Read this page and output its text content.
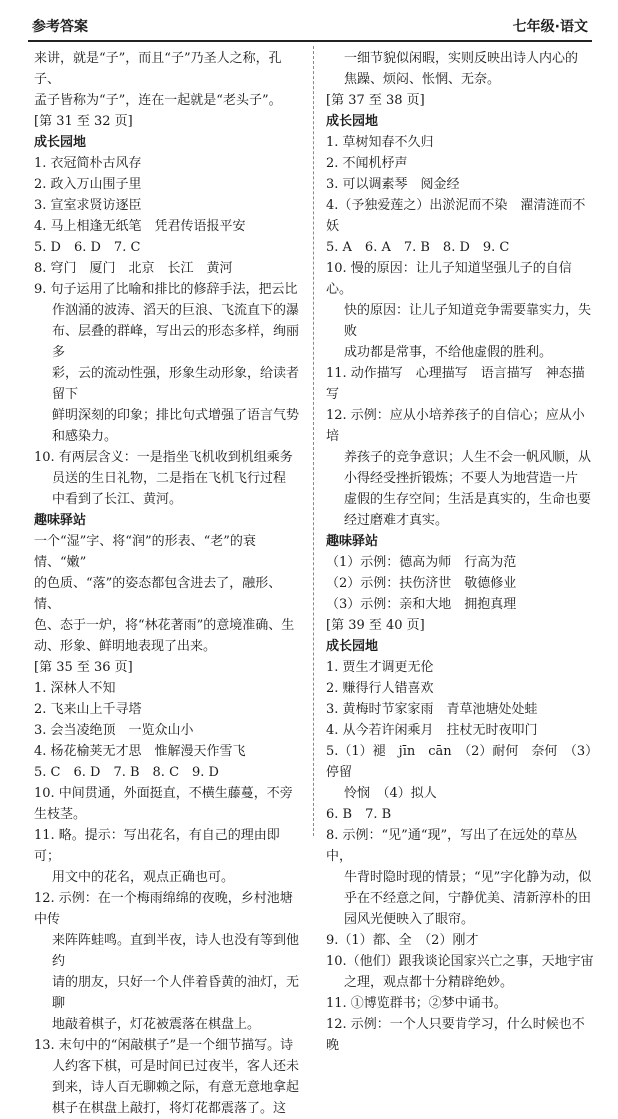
参考答案	七年级·语文
来讲，就是“子”，而且“子”乃圣人之称，孔子、
孟子皆称为“子”，连在一起就是“老头子”。
[第 31 至 32 页]
成长园地
1. 衣冠简朴古风存
2. 政入万山围子里
3. 宣室求贤访逐臣
4. 马上相逢无纸笔　凭君传语报平安
5. D　6. D　7. C
8. 穹门　厦门　北京　长江　黄河
9. 句子运用了比喻和排比的修辞手法，把云比
作汹涌的波涛、滔天的巨浪、飞流直下的瀑
布、层叠的群峰，写出云的形态多样，绚丽多
彩，云的流动性强，形象生动形象，给读者留下
鲜明深刻的印象；排比句式增强了语言气势
和感染力。
10. 有两层含义：一是指坐飞机收到机组乘务
员送的生日礼物，二是指在飞机飞行过程
中看到了长江、黄河。
趣味驿站
一个“湿”字、将“润”的形表、“老”的衰情、“嫩”
的色质、“落”的姿态都包含进去了，融形、情、
色、态于一炉，将“林花著雨”的意境准确、生
动、形象、鲜明地表现了出来。
[第 35 至 36 页]
1. 深林人不知
2. 飞来山上千寻塔
3. 会当凌绝顶　一览众山小
4. 杨花榆荚无才思　惟解漫天作雪飞
5. C　6. D　7. B　8. C　9. D
10. 中间贯通，外面挺直，不横生藤蔓，不旁生枝茎。
11. 略。提示：写出花名，有自己的理由即可；
用文中的花名，观点正确也可。
12. 示例：在一个梅雨绵绵的夜晚，乡村池塘中传
来阵阵蛙鸣。直到半夜，诗人也没有等到他约
请的朋友，只好一个人伴着昏黄的油灯，无聊
地敲着棋子，灯花被震落在棋盘上。
13. 末句中的“闲敲棋子”是一个细节描写。诗
人约客下棋，可是时间已过夜半，客人还未
到来，诗人百无聊赖之际，有意无意地拿起
棋子在棋盘上敲打，将灯花都震落了。这
一细节貌似闲暇，实则反映出诗人内心的
焦躁、烦闷、怅惘、无奈。
[第 37 至 38 页]
成长园地
1. 草树知春不久归
2. 不闻机杼声
3. 可以调素琴　阅金经
4.（予独爱莲之）出淤泥而不染　濯清涟而不妖
5. A　6. A　7. B　8. D　9. C
10. 慢的原因：让儿子知道坚强儿子的自信心。
快的原因：让儿子知道竞争需要靠实力，失败
成功都是常事，不给他虚假的胜利。
11. 动作描写　心理描写　语言描写　神态描写
12. 示例：应从小培养孩子的自信心；应从小培
养孩子的竞争意识；人生不会一帆风顺，从
小得经受挫折锻炼；不要人为地营造一片
虚假的生存空间；生活是真实的，生命也要
经过磨难才真实。
趣味驿站
（1）示例：德高为师　行高为范
（2）示例：扶伤济世　敬德修业
（3）示例：亲和大地　拥抱真理
[第 39 至 40 页]
成长园地
1. 贾生才调更无伦
2. 赚得行人错喜欢
3. 黄梅时节家家雨　青草池塘处处蛙
4. 从今若许闲乘月　拄杖无时夜叩门
5.（1）褪　jīn　cān　（2）耐何　奈何　（3）停留
怜悯　（4）拟人
6. B　7. B
8. 示例：“见”通“现”，写出了在远处的草丛中，
牛背时隐时现的情景；“见”字化静为动，似
乎在不经意之间，宁静优美、清新淳朴的田
园风光便映入了眼帘。
9.（1）都、全　（2）刚才
10.（他们）跟我谈论国家兴亡之事，天地宇宙
之理，观点都十分精辟绝妙。
11. ①博览群书；②梦中诵书。
12. 示例：一个人只要肯学习，什么时候也不晚
